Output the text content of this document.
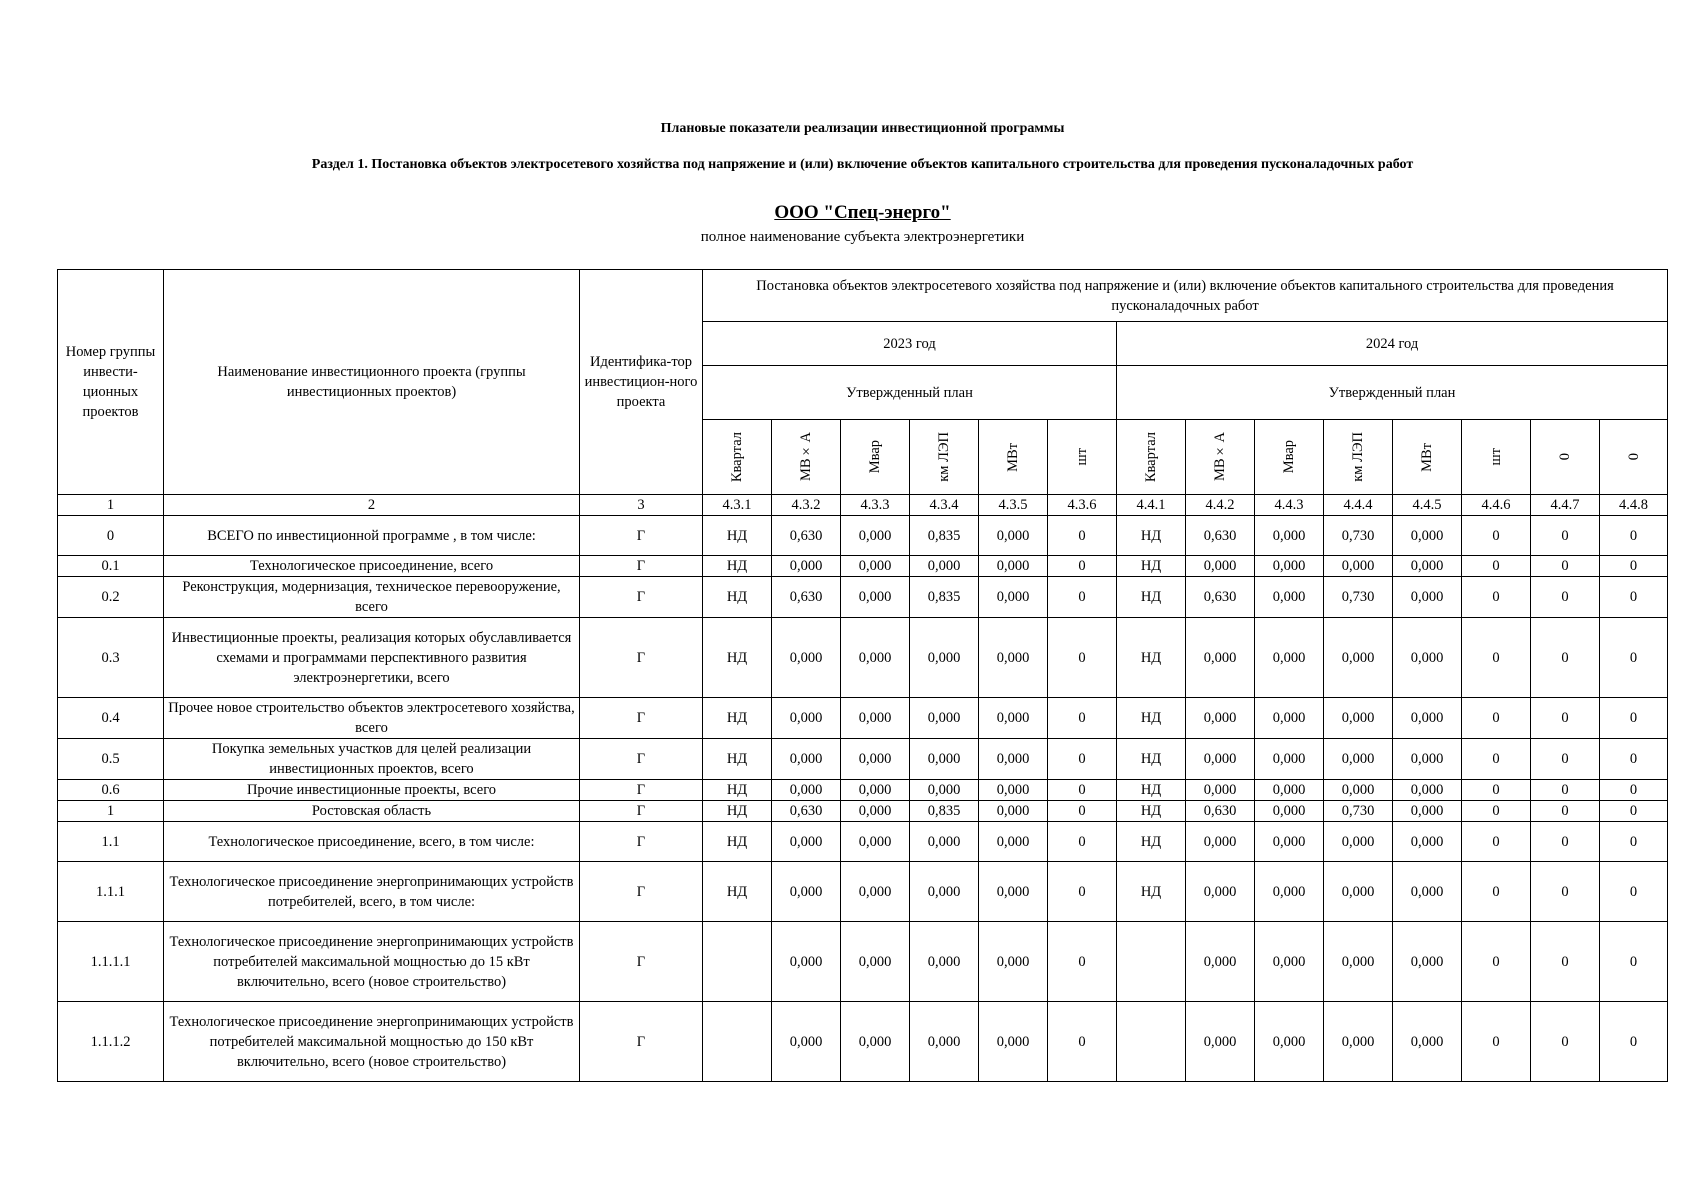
Плановые показатели реализации инвестиционной программы
Раздел 1. Постановка объектов электросетевого хозяйства под напряжение и (или) включение объектов капитального строительства для проведения пусконаладочных работ
ООО "Спец-энерго"
полное наименование субъекта электроэнергетики
Номер группы инвести-ционных проектов	Наименование инвестиционного проекта (группы инвестиционных проектов)	Идентифика-тор инвестицион-ного проекта	Постановка объектов электросетевого хозяйства под напряжение и (или) включение объектов капитального строительства для проведения пусконаладочных работ													
			2023 год						2024 год							
			Утвержденный план						Утвержденный план							

			Квартал	МВ×А	Мвар	км ЛЭП	МВт	шт	Квартал	МВ×А	Мвар	км ЛЭП	МВт	шт	0	0

1	2	3	4.3.1	4.3.2	4.3.3	4.3.4	4.3.5	4.3.6	4.4.1	4.4.2	4.4.3	4.4.4	4.4.5	4.4.6	4.4.7	4.4.8
0	ВСЕГО по инвестиционной программе , в том числе:	Г	НД	0,630	0,000	0,835	0,000	0	НД	0,630	0,000	0,730	0,000	0	0	0
0.1	Технологическое присоединение, всего	Г	НД	0,000	0,000	0,000	0,000	0	НД	0,000	0,000	0,000	0,000	0	0	0
0.2	Реконструкция, модернизация, техническое перевооружение, всего	Г	НД	0,630	0,000	0,835	0,000	0	НД	0,630	0,000	0,730	0,000	0	0	0
0.3	Инвестиционные проекты, реализация которых обуславливается схемами и программами перспективного развития электроэнергетики, всего	Г	НД	0,000	0,000	0,000	0,000	0	НД	0,000	0,000	0,000	0,000	0	0	0
0.4	Прочее новое строительство объектов электросетевого хозяйства, всего	Г	НД	0,000	0,000	0,000	0,000	0	НД	0,000	0,000	0,000	0,000	0	0	0
0.5	Покупка земельных участков для целей реализации инвестиционных проектов, всего	Г	НД	0,000	0,000	0,000	0,000	0	НД	0,000	0,000	0,000	0,000	0	0	0
0.6	Прочие инвестиционные проекты, всего	Г	НД	0,000	0,000	0,000	0,000	0	НД	0,000	0,000	0,000	0,000	0	0	0
1	Ростовская область	Г	НД	0,630	0,000	0,835	0,000	0	НД	0,630	0,000	0,730	0,000	0	0	0
1.1	Технологическое присоединение, всего, в том числе:	Г	НД	0,000	0,000	0,000	0,000	0	НД	0,000	0,000	0,000	0,000	0	0	0
1.1.1	Технологическое присоединение энергопринимающих устройств потребителей, всего, в том числе:	Г	НД	0,000	0,000	0,000	0,000	0	НД	0,000	0,000	0,000	0,000	0	0	0
1.1.1.1	Технологическое присоединение энергопринимающих устройств потребителей максимальной мощностью до 15 кВт включительно, всего (новое строительство)	Г		0,000	0,000	0,000	0,000	0		0,000	0,000	0,000	0,000	0	0	0
1.1.1.2	Технологическое присоединение энергопринимающих устройств потребителей максимальной мощностью до 150 кВт включительно, всего (новое строительство)	Г		0,000	0,000	0,000	0,000	0		0,000	0,000	0,000	0,000	0	0	0
